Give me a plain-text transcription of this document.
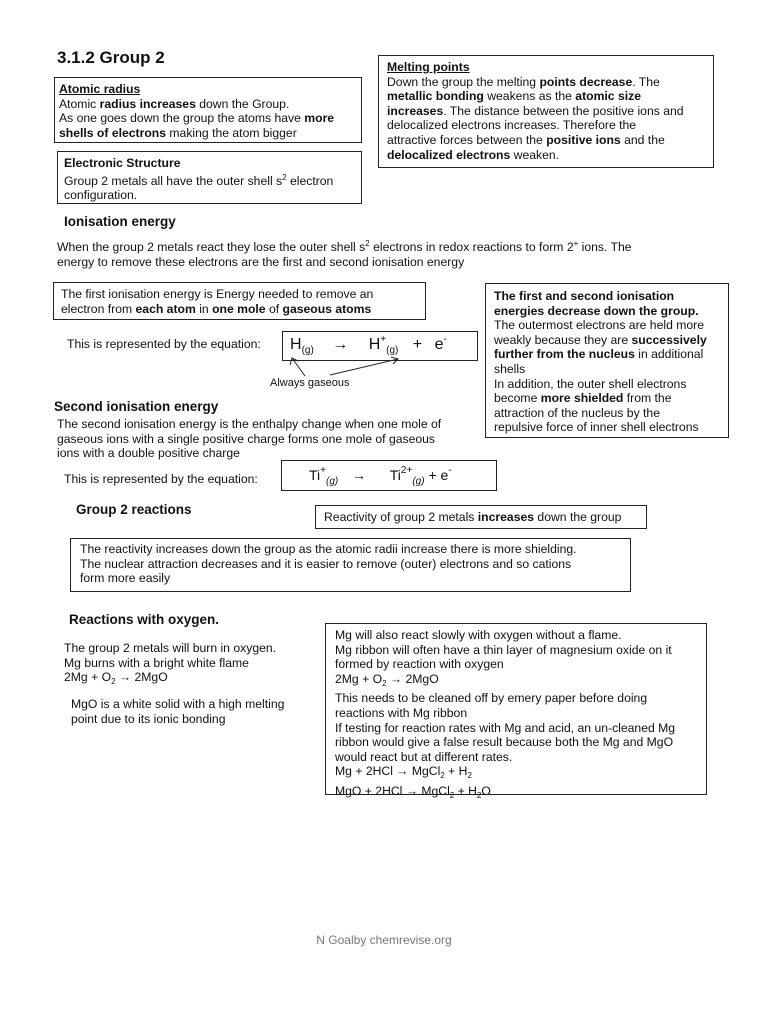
3.1.2 Group 2
Atomic radius
Atomic radius increases down the Group.
As one goes down the group the atoms have more
shells of electrons making the atom bigger
Electronic Structure
Group 2 metals all have the outer shell $s^2$ electron
configuration.
Melting points
Down the group the melting points decrease. The
metallic bonding weakens as the atomic size
increases. The distance between the positive ions and
delocalized electrons increases. Therefore the
attractive forces between the positive ions and the
delocalized electrons weaken.
Ionisation energy
When the group 2 metals react they lose the outer shell $s^2$ electrons in redox reactions to form 2+ ions. The
energy to remove these electrons are the first and second ionisation energy
The first ionisation energy is Energy needed to remove an
electron from each atom in one mole of gaseous atoms
This is represented by the equation: $H_{(g)} \to H^+_{(g)} + e^-$
Always gaseous
The first and second ionisation
energies decrease down the group.
The outermost electrons are held more
weakly because they are successively
further from the nucleus in additional
shells
In addition, the outer shell electrons
become more shielded from the
attraction of the nucleus by the
repulsive force of inner shell electrons
Second ionisation energy
The second ionisation energy is the enthalpy change when one mole of
gaseous ions with a single positive charge forms one mole of gaseous
ions with a double positive charge
This is represented by the equation:	$Ti^+_{(g)} \to Ti^{2+}_{(g)} + e^-$
Group 2 reactions	Reactivity of group 2 metals increases down the group
The reactivity increases down the group as the atomic radii increase there is more shielding.
The nuclear attraction decreases and it is easier to remove (outer) electrons and so cations
form more easily
Reactions with oxygen.
The group 2 metals will burn in oxygen.
Mg burns with a bright white flame
$2Mg + O_2 \to 2MgO$
MgO is a white solid with a high melting
point due to its ionic bonding
Mg will also react slowly with oxygen without a flame.
Mg ribbon will often have a thin layer of magnesium oxide on it
formed by reaction with oxygen
$2Mg + O_2 \to 2MgO$
This needs to be cleaned off by emery paper before doing
reactions with Mg ribbon
If testing for reaction rates with Mg and acid, an un-cleaned Mg
ribbon would give a false result because both the Mg and MgO
would react but at different rates.
Mg + 2HCl → MgCl$_2$ + $H_2$
MgO + 2HCl → MgCl$_2$ + $H_2O$
N Goalby chemrevise.org
